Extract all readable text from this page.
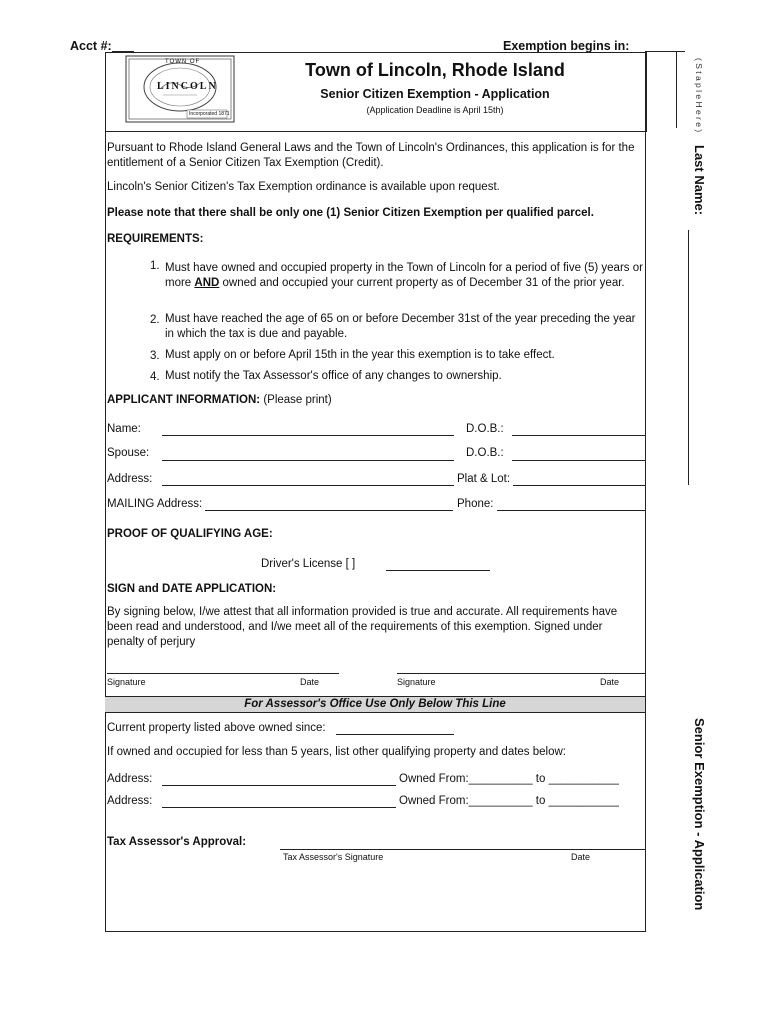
Acct #:	Exemption begins in:
( S t a p l e H e r e )
TOWN OF
LINCOLN
Incorporated 1871
Town of Lincoln, Rhode Island
Senior Citizen Exemption - Application
(Application Deadline is April 15th)
Last Name:
Senior Exemption - Application
Pursuant to Rhode Island General Laws and the Town of Lincoln's Ordinances, this application is for the
entitlement of a Senior Citizen Tax Exemption (Credit).
Lincoln's Senior Citizen's Tax Exemption ordinance is available upon request.
Please note that there shall be only one (1) Senior Citizen Exemption per qualified parcel.
REQUIREMENTS:
1. Must have owned and occupied property in the Town of Lincoln for a period of five (5) years or more AND owned and occupied your current property as of December 31 of the prior year.
2. Must have reached the age of 65 on or before December 31st of the year preceding the year in which the tax is due and payable.
3. Must apply on or before April 15th in the year this exemption is to take effect.
4. Must notify the Tax Assessor's office of any changes to ownership.
APPLICANT INFORMATION: (Please print)
Name:	D.O.B.:
Spouse:	D.O.B.:
Address:	Plat & Lot:
MAILING Address:	Phone:
PROOF OF QUALIFYING AGE:
Driver's License [ ]
SIGN and DATE APPLICATION:
By signing below, I/we attest that all information provided is true and accurate. All requirements have
been read and understood, and I/we meet all of the requirements of this exemption. Signed under
penalty of perjury
Signature	Date	Signature	Date
For Assessor's Office Use Only Below This Line
Current property listed above owned since:
If owned and occupied for less than 5 years, list other qualifying property and dates below:
Address:	Owned From:__________ to ___________
Address:	Owned From:__________ to ___________
Tax Assessor's Approval:
Tax Assessor's Signature	Date
